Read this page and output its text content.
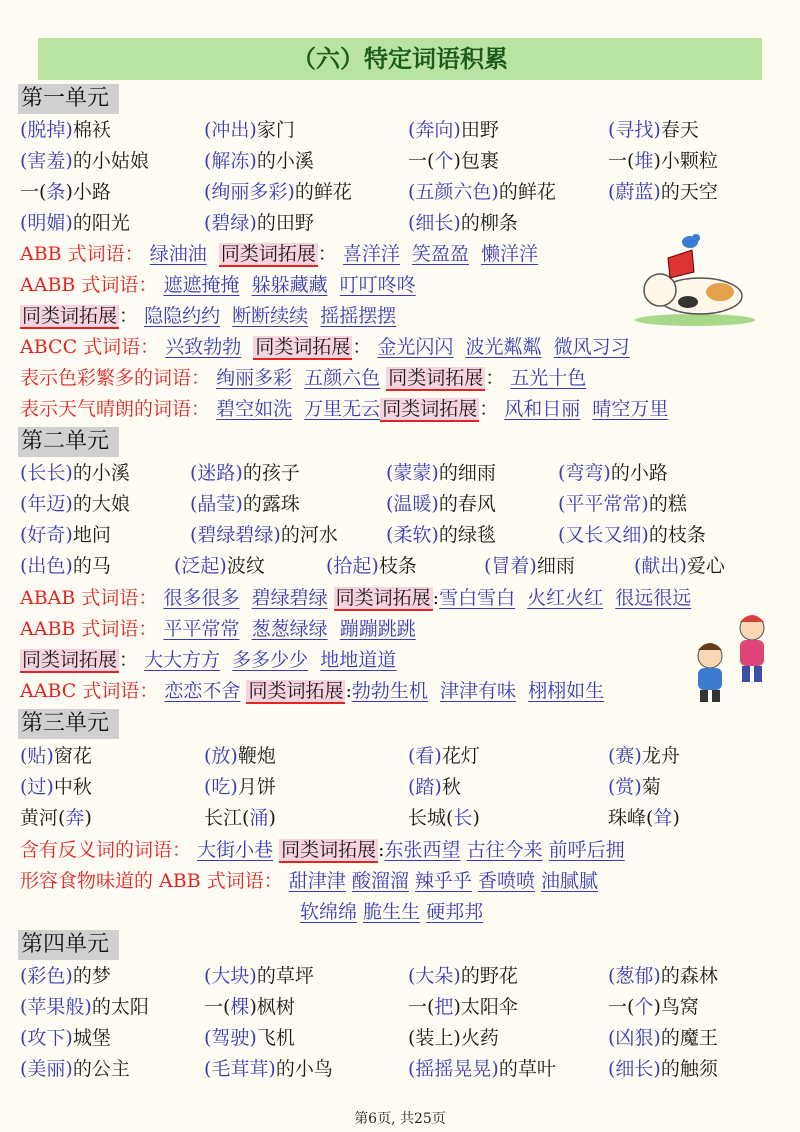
（六）特定词语积累
第一单元
(脱掉)棉袄	(冲出)家门	(奔向)田野	(寻找)春天
(害羞)的小姑娘	(解冻)的小溪	一(个)包裹	一(堆)小颗粒
一(条)小路	(绚丽多彩)的鲜花	(五颜六色)的鲜花	(蔚蓝)的天空
(明媚)的阳光	(碧绿)的田野	(细长)的柳条
ABB 式词语： 绿油油 同类词拓展 ： 喜洋洋 笑盈盈 懒洋洋
AABB 式词语： 遮遮掩掩 躲躲藏藏 叮叮咚咚
同类词拓展 ： 隐隐约约 断断续续 摇摇摆摆
ABCC 式词语： 兴致勃勃 同类词拓展 ： 金光闪闪 波光粼粼 微风习习
表示色彩繁多的词语： 绚丽多彩 五颜六色 同类词拓展 ： 五光十色
表示天气晴朗的词语： 碧空如洗 万里无云 同类词拓展 ： 风和日丽 晴空万里
第二单元
(长长)的小溪	(迷路)的孩子	(蒙蒙)的细雨	(弯弯)的小路
(年迈)的大娘	(晶莹)的露珠	(温暖)的春风	(平平常常)的糕
(好奇)地问	(碧绿碧绿)的河水	(柔软)的绿毯	(又长又细)的枝条
(出色)的马	(泛起)波纹	(拾起)枝条	(冒着)细雨	(献出)爱心
ABAB 式词语： 很多很多 碧绿碧绿 同类词拓展 :雪白雪白 火红火红 很远很远
AABB 式词语： 平平常常 葱葱绿绿 蹦蹦跳跳
同类词拓展 ： 大大方方 多多少少 地地道道
AABC 式词语： 恋恋不舍 同类词拓展 :勃勃生机 津津有味 栩栩如生
第三单元
(贴)窗花	(放)鞭炮	(看)花灯	(赛)龙舟
(过)中秋	(吃)月饼	(踏)秋	(赏)菊
黄河(奔)	长江(涌)	长城(长)	珠峰(耸)
含有反义词的词语： 大街小巷 同类词拓展 :东张西望 古往今来 前呼后拥
形容食物味道的 ABB 式词语： 甜津津 酸溜溜 辣乎乎 香喷喷 油腻腻
软绵绵 脆生生 硬邦邦
第四单元
(彩色)的梦	(大块)的草坪	(大朵)的野花	(葱郁)的森林
(苹果般)的太阳	一(棵)枫树	一(把)太阳伞	一(个)鸟窝
(攻下)城堡	(驾驶)飞机	(装上)火药	(凶狠)的魔王
(美丽)的公主	(毛茸茸)的小鸟	(摇摇晃晃)的草叶	(细长)的触须
第6页, 共25页
